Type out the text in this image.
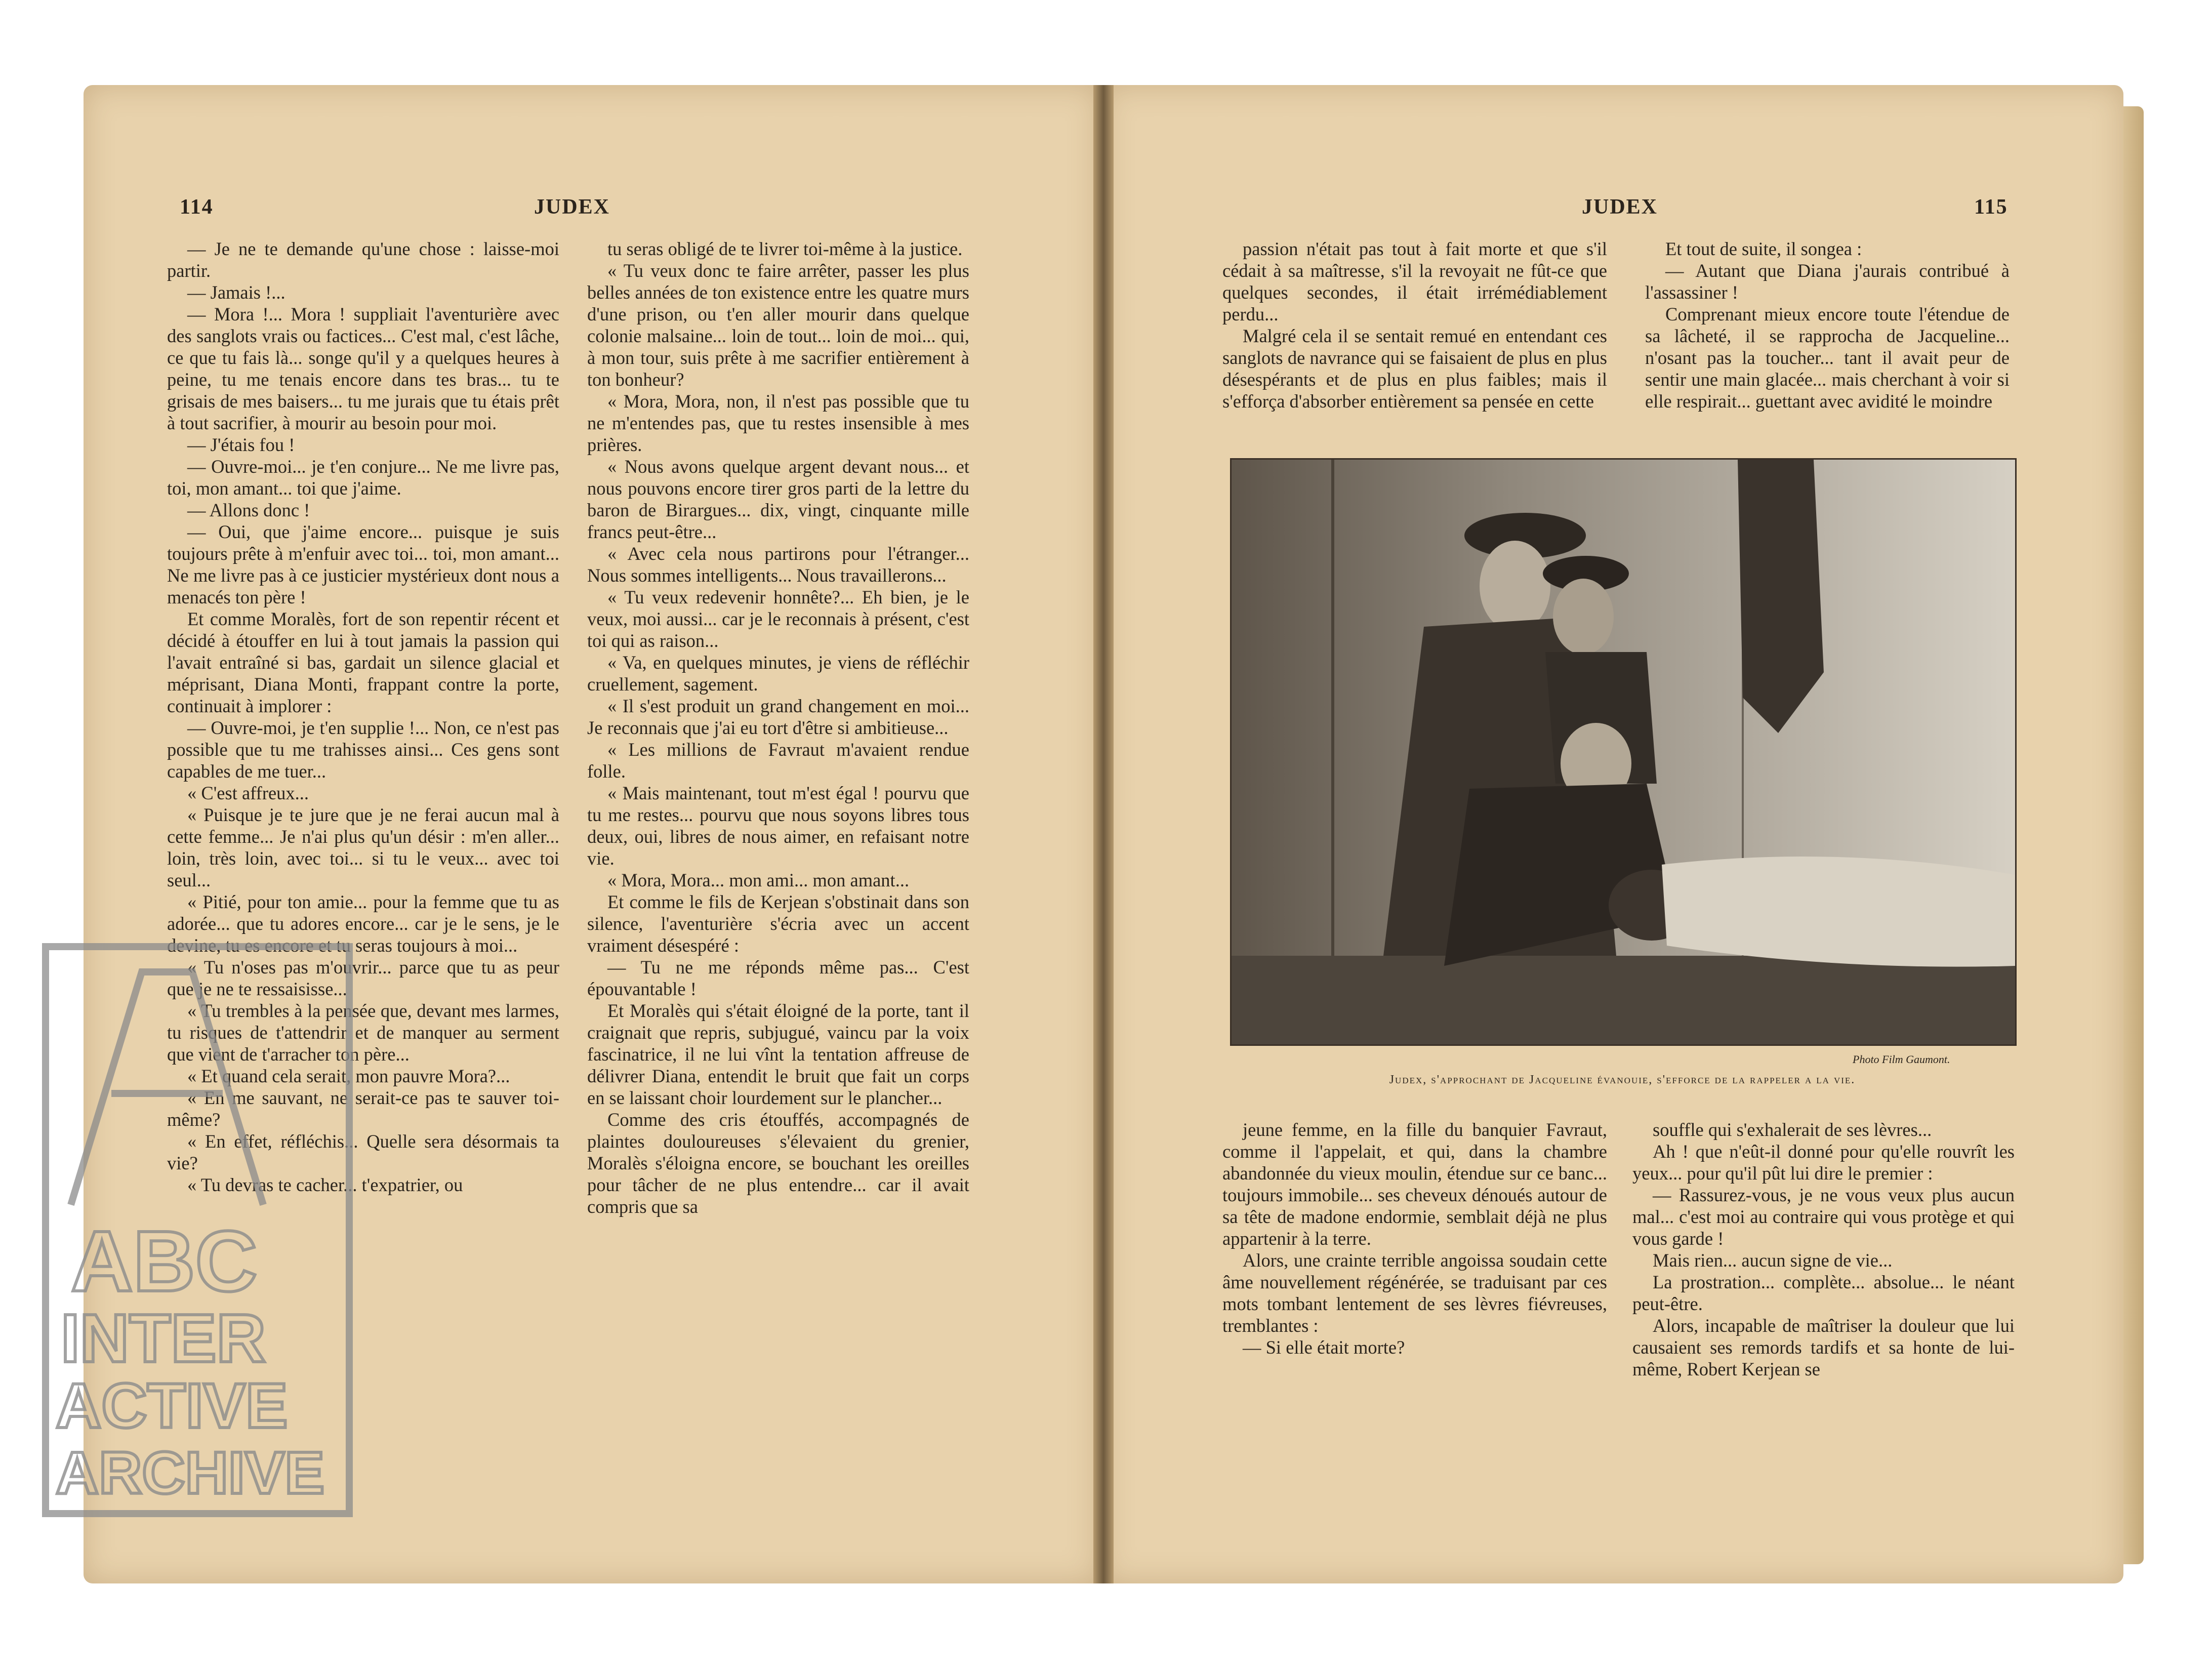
114	JUDEX	JUDEX	115

— Je ne te demande qu'une chose : laisse-moi partir.

— Jamais !...

— Mora !... Mora ! suppliait l'aventurière avec des sanglots vrais ou factices... C'est mal, c'est lâche, ce que tu fais là... songe qu'il y a quelques heures à peine, tu me tenais encore dans tes bras... tu te grisais de mes baisers... tu me jurais que tu étais prêt à tout sacrifier, à mourir au besoin pour moi.

— J'étais fou !

— Ouvre-moi... je t'en conjure... Ne me livre pas, toi, mon amant... toi que j'aime.

— Allons donc !

— Oui, que j'aime encore... puisque je suis toujours prête à m'enfuir avec toi... toi, mon amant... Ne me livre pas à ce justicier mystérieux dont nous a menacés ton père !

Et comme Moralès, fort de son repentir récent et décidé à étouffer en lui à tout jamais la passion qui l'avait entraîné si bas, gardait un silence glacial et méprisant, Diana Monti, frappant contre la porte, continuait à implorer :

— Ouvre-moi, je t'en supplie !... Non, ce n'est pas possible que tu me trahisses ainsi... Ces gens sont capables de me tuer...

« C'est affreux...

« Puisque je te jure que je ne ferai aucun mal à cette femme... Je n'ai plus qu'un désir : m'en aller... loin, très loin, avec toi... si tu le veux... avec toi seul...

« Pitié, pour ton amie... pour la femme que tu as adorée... que tu adores encore... car je le sens, je le devine, tu es encore et tu seras toujours à moi...

« Tu n'oses pas m'ouvrir... parce que tu as peur que je ne te ressaisisse...

« Tu trembles à la pensée que, devant mes larmes, tu risques de t'attendrir et de manquer au serment que vient de t'arracher ton père...

« Et quand cela serait, mon pauvre Mora?...

« En me sauvant, ne serait-ce pas te sauver toi-même?

« En effet, réfléchis... Quelle sera désormais ta vie?

« Tu devras te cacher... t'expatrier, ou

tu seras obligé de te livrer toi-même à la justice.

« Tu veux donc te faire arrêter, passer les plus belles années de ton existence entre les quatre murs d'une prison, ou t'en aller mourir dans quelque colonie malsaine... loin de tout... loin de moi... qui, à mon tour, suis prête à me sacrifier entièrement à ton bonheur?

« Mora, Mora, non, il n'est pas possible que tu ne m'entendes pas, que tu restes insensible à mes prières.

« Nous avons quelque argent devant nous... et nous pouvons encore tirer gros parti de la lettre du baron de Birargues... dix, vingt, cinquante mille francs peut-être...

« Avec cela nous partirons pour l'étranger... Nous sommes intelligents... Nous travaillerons...

« Tu veux redevenir honnête?... Eh bien, je le veux, moi aussi... car je le reconnais à présent, c'est toi qui as raison...

« Va, en quelques minutes, je viens de réfléchir cruellement, sagement.

« Il s'est produit un grand changement en moi... Je reconnais que j'ai eu tort d'être si ambitieuse...

« Les millions de Favraut m'avaient rendue folle.

« Mais maintenant, tout m'est égal ! pourvu que tu me restes... pourvu que nous soyons libres tous deux, oui, libres de nous aimer, en refaisant notre vie.

« Mora, Mora... mon ami... mon amant...

Et comme le fils de Kerjean s'obstinait dans son silence, l'aventurière s'écria avec un accent vraiment désespéré :

— Tu ne me réponds même pas... C'est épouvantable !

Et Moralès qui s'était éloigné de la porte, tant il craignait que repris, subjugué, vaincu par la voix fascinatrice, il ne lui vînt la tentation affreuse de délivrer Diana, entendit le bruit que fait un corps en se laissant choir lourdement sur le plancher...

Comme des cris étouffés, accompagnés de plaintes douloureuses s'élevaient du grenier, Moralès s'éloigna encore, se bouchant les oreilles pour tâcher de ne plus entendre... car il avait compris que sa

passion n'était pas tout à fait morte et que s'il cédait à sa maîtresse, s'il la revoyait ne fût-ce que quelques secondes, il était irrémédiablement perdu...

Malgré cela il se sentait remué en entendant ces sanglots de navrance qui se faisaient de plus en plus désespérants et de plus en plus faibles; mais il s'efforça d'absorber entièrement sa pensée en cette

Et tout de suite, il songea :

— Autant que Diana j'aurais contribué à l'assassiner !

Comprenant mieux encore toute l'étendue de sa lâcheté, il se rapprocha de Jacqueline... n'osant pas la toucher... tant il avait peur de sentir une main glacée... mais cherchant à voir si elle respirait... guettant avec avidité le moindre

Photo Film Gaumont.
Judex, s'approchant de Jacqueline évanouie, s'efforce de la rappeler a la vie.

jeune femme, en la fille du banquier Favraut, comme il l'appelait, et qui, dans la chambre abandonnée du vieux moulin, étendue sur ce banc... toujours immobile... ses cheveux dénoués autour de sa tête de madone endormie, semblait déjà ne plus appartenir à la terre.

Alors, une crainte terrible angoissa soudain cette âme nouvellement régénérée, se traduisant par ces mots tombant lentement de ses lèvres fiévreuses, tremblantes :

— Si elle était morte?

souffle qui s'exhalerait de ses lèvres...

Ah ! que n'eût-il donné pour qu'elle rouvrît les yeux... pour qu'il pût lui dire le premier :

— Rassurez-vous, je ne vous veux plus aucun mal... c'est moi au contraire qui vous protège et qui vous garde !

Mais rien... aucun signe de vie...

La prostration... complète... absolue... le néant peut-être.

Alors, incapable de maîtriser la douleur que lui causaient ses remords tardifs et sa honte de lui-même, Robert Kerjean se

ABC
INTER
ACTIVE
ARCHIVE
